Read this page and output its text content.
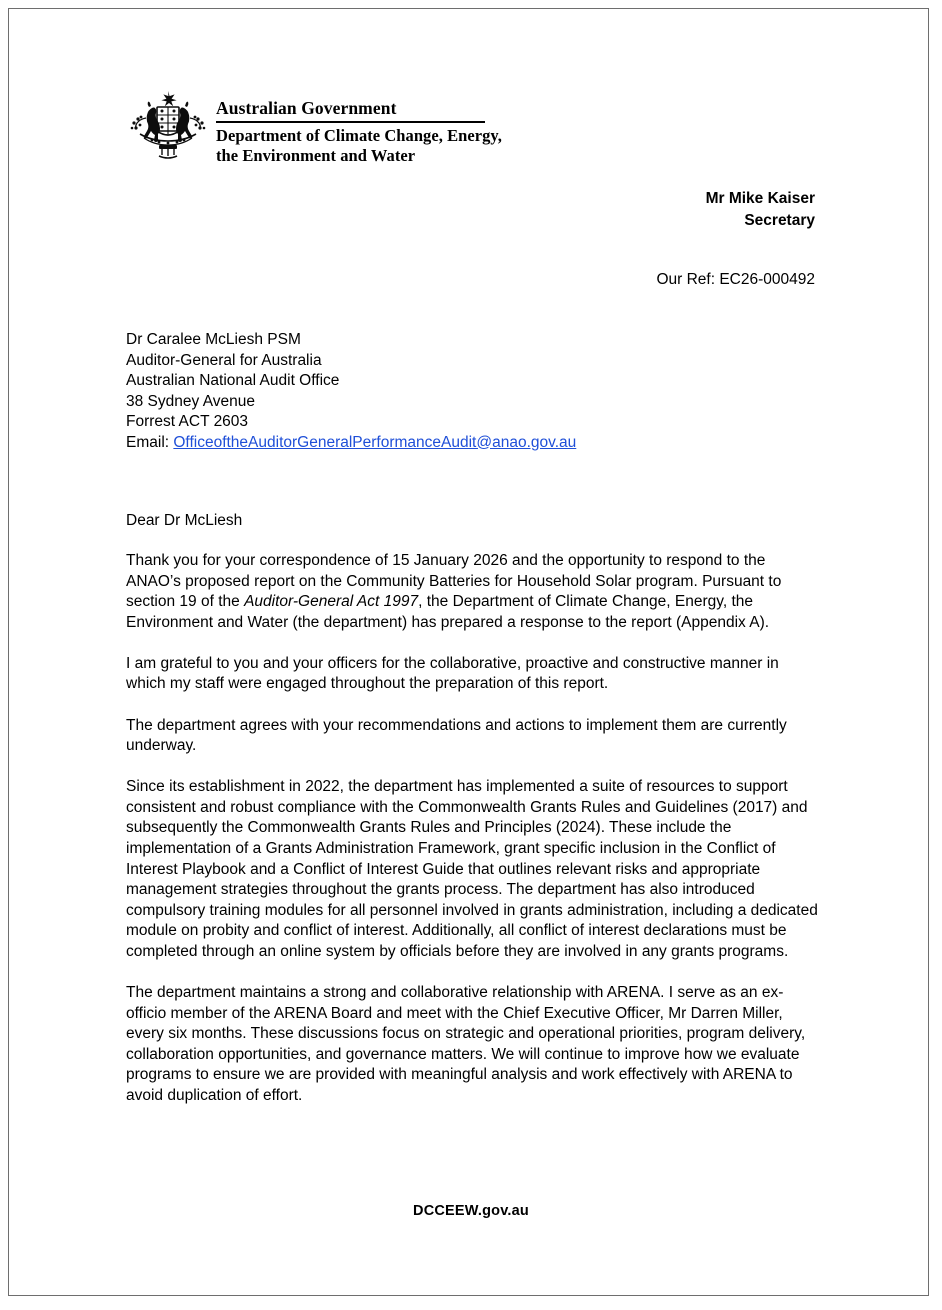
Australian Government
Department of Climate Change, Energy,
the Environment and Water
Mr Mike Kaiser
Secretary
Our Ref: EC26-000492
Dr Caralee McLiesh PSM
Auditor-General for Australia
Australian National Audit Office
38 Sydney Avenue
Forrest ACT 2603
Email: OfficeoftheAuditorGeneralPerformanceAudit@anao.gov.au
Dear Dr McLiesh

Thank you for your correspondence of 15 January 2026 and the opportunity to respond to the ANAO’s proposed report on the Community Batteries for Household Solar program. Pursuant to section 19 of the Auditor-General Act 1997, the Department of Climate Change, Energy, the Environment and Water (the department) has prepared a response to the report (Appendix A).

I am grateful to you and your officers for the collaborative, proactive and constructive manner in which my staff were engaged throughout the preparation of this report.

The department agrees with your recommendations and actions to implement them are currently underway.

Since its establishment in 2022, the department has implemented a suite of resources to support consistent and robust compliance with the Commonwealth Grants Rules and Guidelines (2017) and subsequently the Commonwealth Grants Rules and Principles (2024). These include the implementation of a Grants Administration Framework, grant specific inclusion in the Conflict of Interest Playbook and a Conflict of Interest Guide that outlines relevant risks and appropriate management strategies throughout the grants process. The department has also introduced compulsory training modules for all personnel involved in grants administration, including a dedicated module on probity and conflict of interest. Additionally, all conflict of interest declarations must be completed through an online system by officials before they are involved in any grants programs.

The department maintains a strong and collaborative relationship with ARENA. I serve as an ex-officio member of the ARENA Board and meet with the Chief Executive Officer, Mr Darren Miller, every six months. These discussions focus on strategic and operational priorities, program delivery, collaboration opportunities, and governance matters. We will continue to improve how we evaluate programs to ensure we are provided with meaningful analysis and work effectively with ARENA to avoid duplication of effort.

DCCEEW.gov.au
